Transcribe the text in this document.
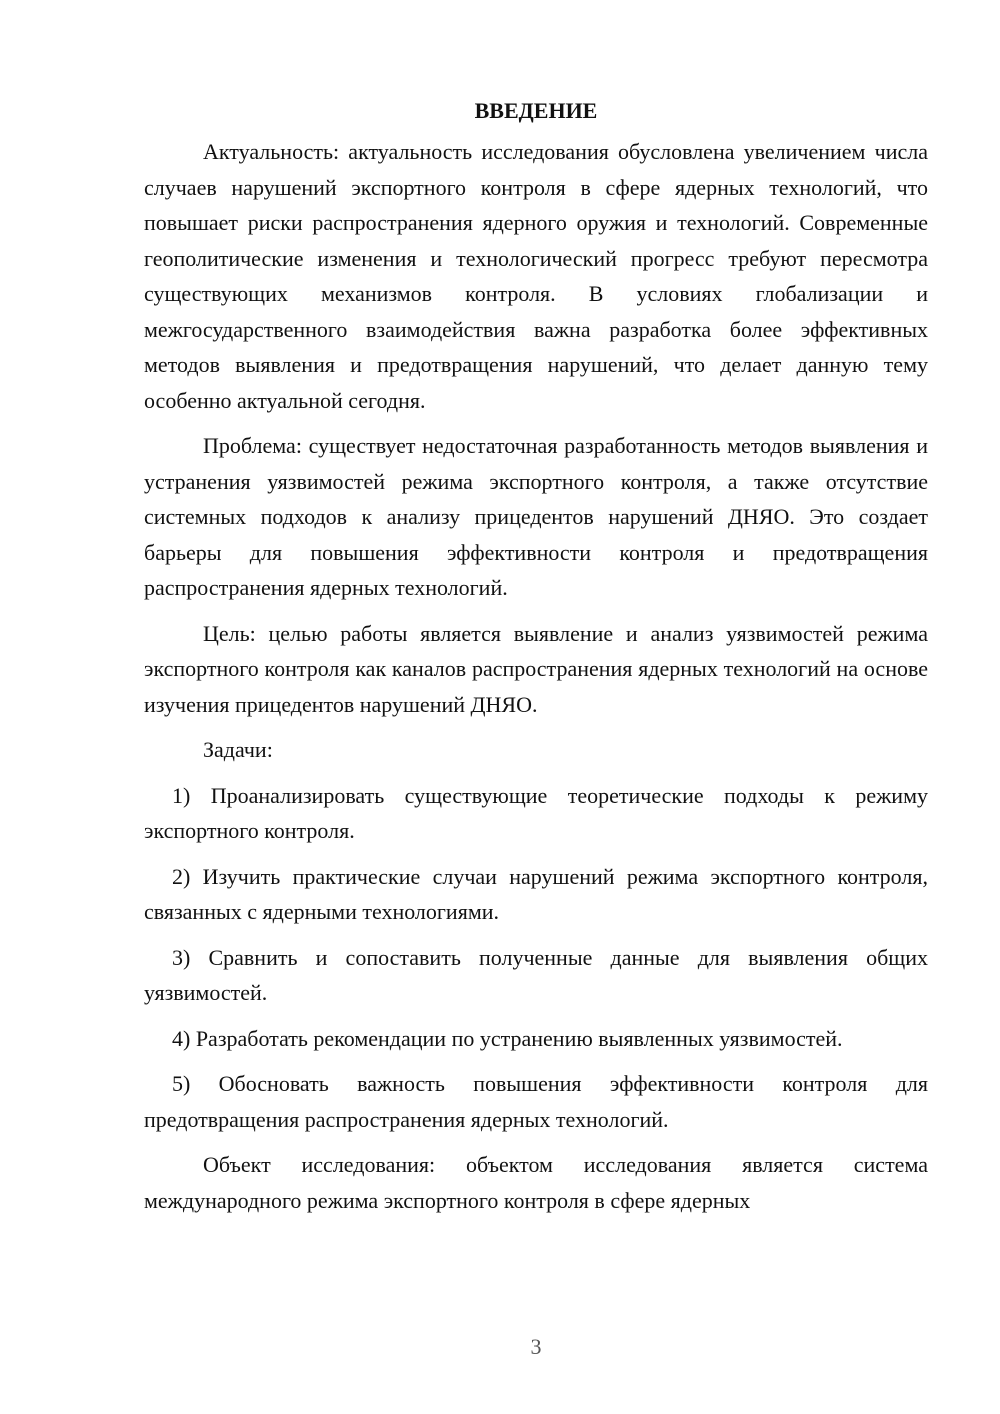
ВВЕДЕНИЕ

Актуальность: актуальность исследования обусловлена увеличением числа случаев нарушений экспортного контроля в сфере ядерных технологий, что повышает риски распространения ядерного оружия и технологий. Современные геополитические изменения и технологический прогресс требуют пересмотра существующих механизмов контроля. В условиях глобализации и межгосударственного взаимодействия важна разработка более эффективных методов выявления и предотвращения нарушений, что делает данную тему особенно актуальной сегодня.

Проблема: существует недостаточная разработанность методов выявления и устранения уязвимостей режима экспортного контроля, а также отсутствие системных подходов к анализу прицедентов нарушений ДНЯО. Это создает барьеры для повышения эффективности контроля и предотвращения распространения ядерных технологий.

Цель: целью работы является выявление и анализ уязвимостей режима экспортного контроля как каналов распространения ядерных технологий на основе изучения прицедентов нарушений ДНЯО.

Задачи:

1) Проанализировать существующие теоретические подходы к режиму экспортного контроля.

2) Изучить практические случаи нарушений режима экспортного контроля, связанных с ядерными технологиями.

3) Сравнить и сопоставить полученные данные для выявления общих уязвимостей.

4) Разработать рекомендации по устранению выявленных уязвимостей.

5) Обосновать важность повышения эффективности контроля для предотвращения распространения ядерных технологий.

Объект исследования: объектом исследования является система международного режима экспортного контроля в сфере ядерных

3
